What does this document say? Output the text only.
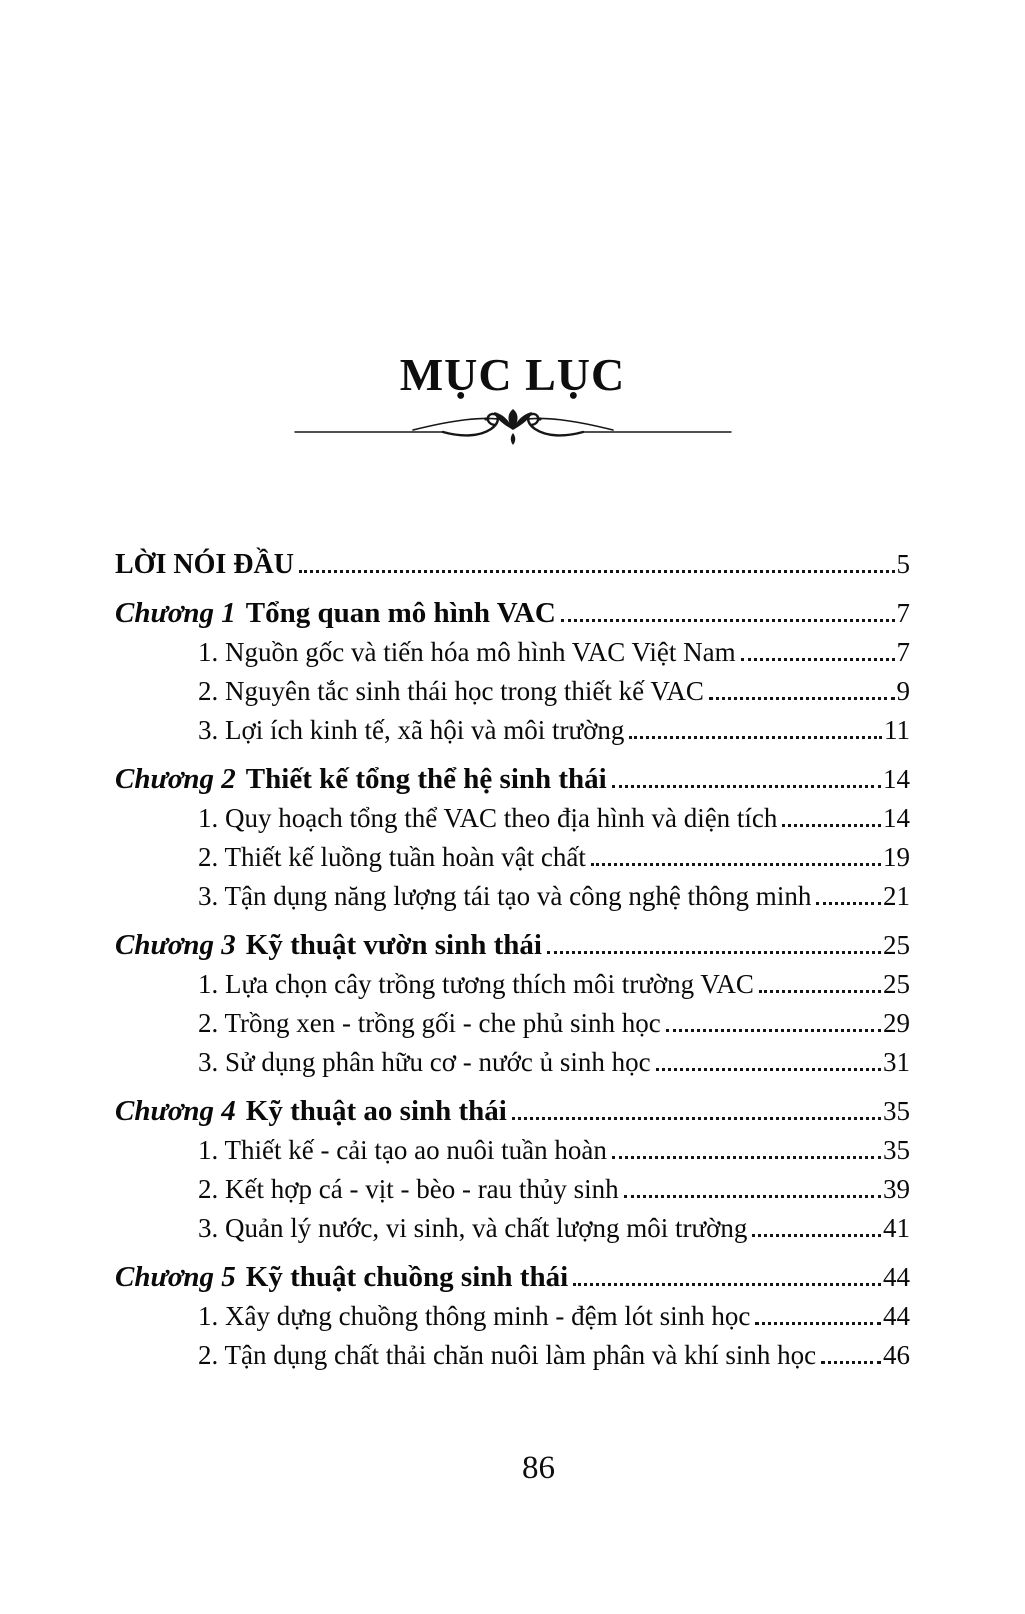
MỤC LỤC
LỜI NÓI ĐẦU	5
Chương 1 Tổng quan mô hình VAC	7
1. Nguồn gốc và tiến hóa mô hình VAC Việt Nam	7
2. Nguyên tắc sinh thái học trong thiết kế VAC	9
3. Lợi ích kinh tế, xã hội và môi trường	11
Chương 2 Thiết kế tổng thể hệ sinh thái	14
1. Quy hoạch tổng thể VAC theo địa hình và diện tích	14
2. Thiết kế luồng tuần hoàn vật chất	19
3. Tận dụng năng lượng tái tạo và công nghệ thông minh	21
Chương 3 Kỹ thuật vườn sinh thái	25
1. Lựa chọn cây trồng tương thích môi trường VAC	25
2. Trồng xen - trồng gối - che phủ sinh học	29
3. Sử dụng phân hữu cơ - nước ủ sinh học	31
Chương 4 Kỹ thuật ao sinh thái	35
1. Thiết kế - cải tạo ao nuôi tuần hoàn	35
2. Kết hợp cá - vịt - bèo - rau thủy sinh	39
3. Quản lý nước, vi sinh, và chất lượng môi trường	41
Chương 5 Kỹ thuật chuồng sinh thái	44
1. Xây dựng chuồng thông minh - đệm lót sinh học	44
2. Tận dụng chất thải chăn nuôi làm phân và khí sinh học 46
86
